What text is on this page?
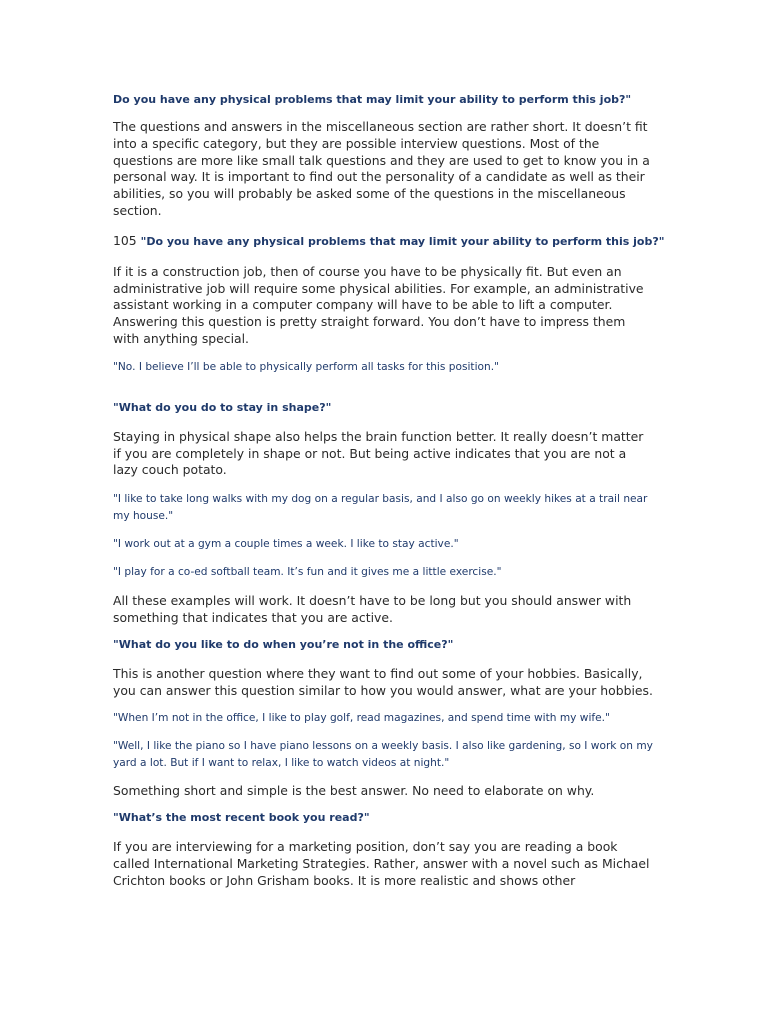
Do you have any physical problems that may limit your ability to perform this job?"

The questions and answers in the miscellaneous section are rather short. It doesn’t fit into a specific category, but they are possible interview questions. Most of the questions are more like small talk questions and they are used to get to know you in a personal way. It is important to find out the personality of a candidate as well as their abilities, so you will probably be asked some of the questions in the miscellaneous section.

105 "Do you have any physical problems that may limit your ability to perform this job?"

If it is a construction job, then of course you have to be physically fit. But even an administrative job will require some physical abilities. For example, an administrative assistant working in a computer company will have to be able to lift a computer. Answering this question is pretty straight forward. You don’t have to impress them with anything special.

"No. I believe I’ll be able to physically perform all tasks for this position."

"What do you do to stay in shape?"

Staying in physical shape also helps the brain function better. It really doesn’t matter if you are completely in shape or not. But being active indicates that you are not a lazy couch potato.

"I like to take long walks with my dog on a regular basis, and I also go on weekly hikes at a trail near my house."

"I work out at a gym a couple times a week. I like to stay active."

"I play for a co-ed softball team. It’s fun and it gives me a little exercise."

All these examples will work. It doesn’t have to be long but you should answer with something that indicates that you are active.

"What do you like to do when you’re not in the office?"

This is another question where they want to find out some of your hobbies. Basically, you can answer this question similar to how you would answer, what are your hobbies.

"When I’m not in the office, I like to play golf, read magazines, and spend time with my wife."

"Well, I like the piano so I have piano lessons on a weekly basis. I also like gardening, so I work on my yard a lot. But if I want to relax, I like to watch videos at night."

Something short and simple is the best answer. No need to elaborate on why.

"What’s the most recent book you read?"

If you are interviewing for a marketing position, don’t say you are reading a book called International Marketing Strategies. Rather, answer with a novel such as Michael Crichton books or John Grisham books. It is more realistic and shows other
